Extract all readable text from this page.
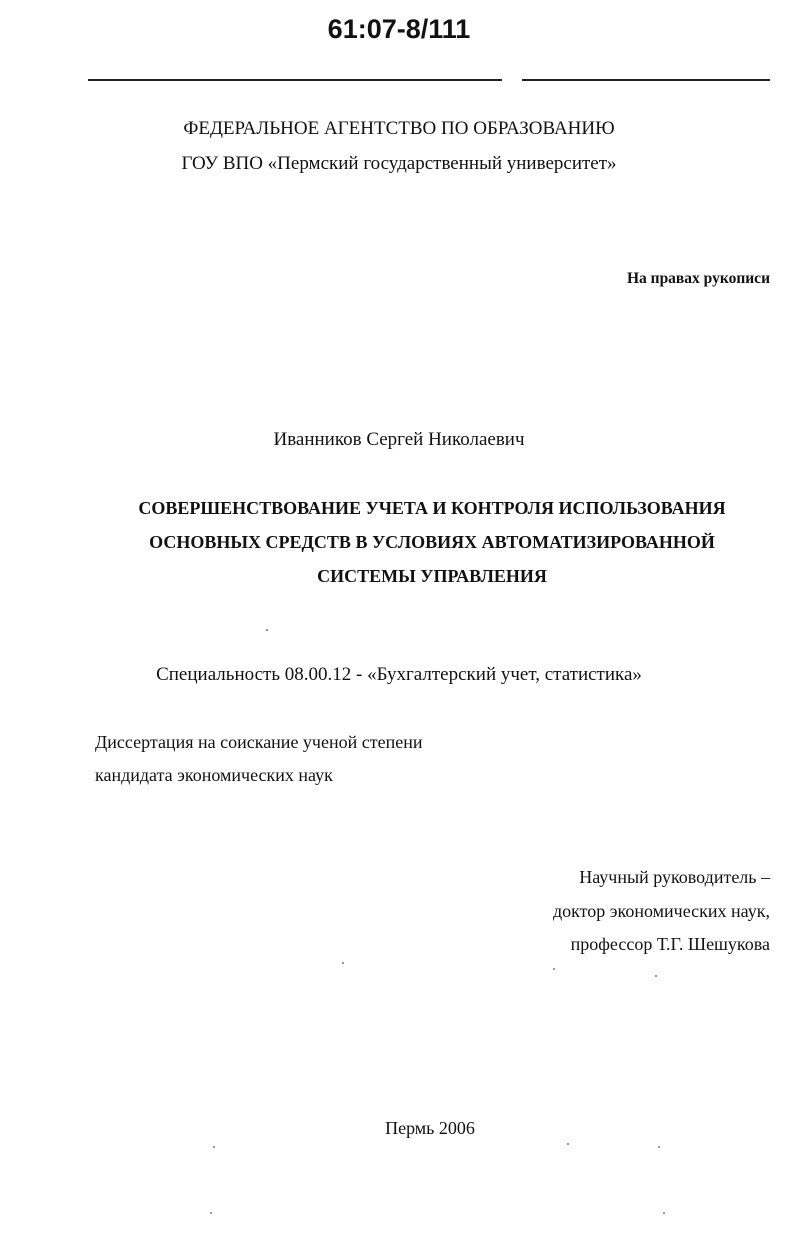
61:07-8/111
ФЕДЕРАЛЬНОЕ АГЕНТСТВО ПО ОБРАЗОВАНИЮ
ГОУ ВПО «Пермский государственный университет»
На правах рукописи
Иванников Сергей Николаевич
СОВЕРШЕНСТВОВАНИЕ УЧЕТА И КОНТРОЛЯ ИСПОЛЬЗОВАНИЯ
ОСНОВНЫХ СРЕДСТВ В УСЛОВИЯХ АВТОМАТИЗИРОВАННОЙ
СИСТЕМЫ УПРАВЛЕНИЯ
Специальность 08.00.12 - «Бухгалтерский учет, статистика»
Диссертация на соискание ученой степени
кандидата экономических наук
Научный руководитель –
доктор экономических наук,
профессор Т.Г. Шешукова
Пермь 2006
